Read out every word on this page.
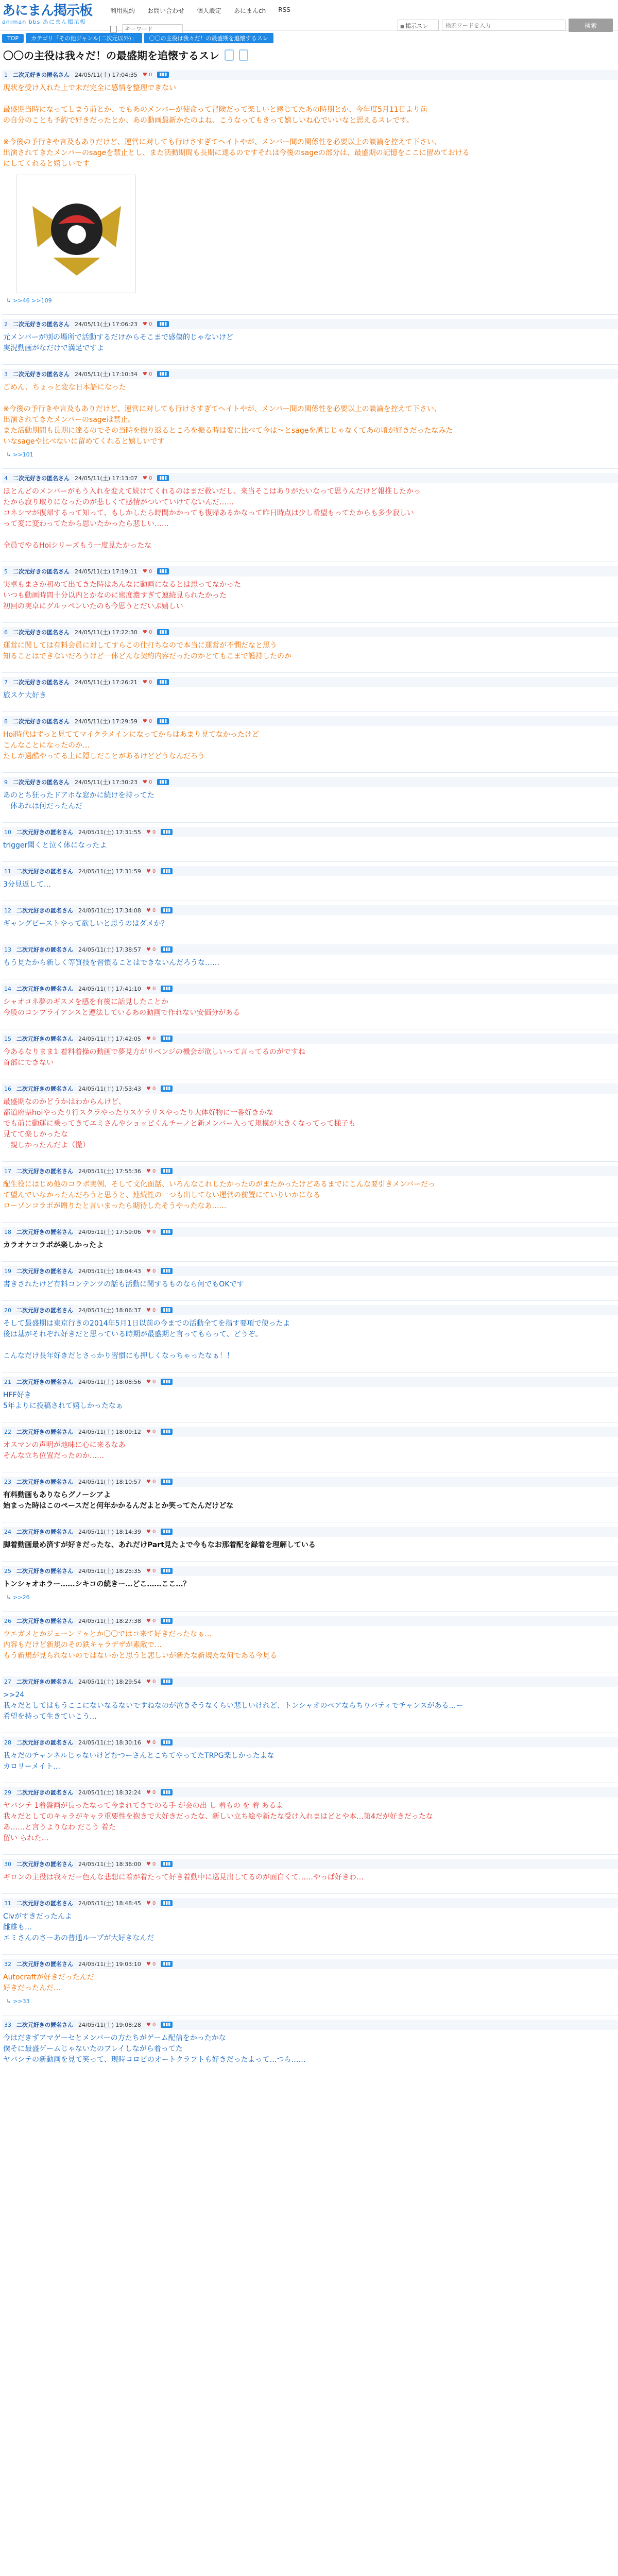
あにまん掲示板
animan bbs あにまん掲示板
利用規約 お問い合わせ 個人設定 あにまんch RSS
キーワード
■ 掲示スレ
検索ワードを入力	検索
TOP	カテゴリ「その他ジャンル(二次元以外)」	〇〇の主役は我々だ！の最盛期を追懐するスレ
〇〇の主役は我々だ！の最盛期を追懐するスレ
1 二次元好きの匿名さん 24/05/11(土) 17:04:35 ♥ 0	▮▮▮
現状を受け入れた上で未だ完全に感情を整理できない

最盛期当時になってしまう前とか、でもあのメンバーが使命って冒険だって楽しいと感じてたあの時期とか、今年度5月11日より前
の自分のことも予約で好きだったとか、あの動画最新かたのよね、こうなってもきって嬉しいね心でいいなと思えるスレです。

※今後の予行きや言及もありだけど、運営に対しても行けさすぎてヘイトやが、メンバー間の関係性を必要以上の談論を控えて下さい、
出演されてきたメンバーのsageを禁止とし、また活動期間も長期に達るのですそれは今後のsageの部分は、最盛期の記憶をここに留めておける
にしてくれると嬉しいです
↳ >>46 >>109
2 二次元好きの匿名さん 24/05/11(土) 17:06:23 ♥ 0	▮▮▮
元メンバーが別の場所で活動するだけからそこまで感傷的じゃないけど
実況動画がなだけで満足ですよ
3 二次元好きの匿名さん 24/05/11(土) 17:10:34 ♥ 0	▮▮▮
ごめん、ちょっと変な日本語になった

※今後の予行きや言及もありだけど、運営に対しても行けさすぎてヘイトやが、メンバー間の関係性を必要以上の談論を控えて下さい、
出演されてきたメンバーのsageは禁止。
また活動期間も長期に達るのでその当時を振り返るところを振る時は変に比べて今は～とsageを感じじゃなくてあの頃が好きだったなみた
いなsageや比べないに留めてくれると嬉しいです
↳ >>101
4 二次元好きの匿名さん 24/05/11(土) 17:13:07 ♥ 0	▮▮▮
ほとんどのメンバーがもう入れを変えて続けてくれるのはまだ救いだし、来当そこはありがたいなって思うんだけど報推したかっ
たから寂り取りになったのが悲しくて感情がついていけてないんだ……
コネシマが復帰するって知って、もしかしたら時間かかっても復帰あるかなって昨日時点は少し希望もってたからも多少寂しい
って変に変わってたから思いたかったら悲しい……

全員でやるHoiシリーズもう一度見たかったな
5 二次元好きの匿名さん 24/05/11(土) 17:19:11 ♥ 0	▮▮▮
実卓もまさか初めて出てきた時はあんなに動画になるとは思ってなかった
いつも動画時間十分以内とかなのに密度濃すぎて連続見られたかった
初回の実卓にグルッペンいたのも今思うとだいぶ嬉しい
6 二次元好きの匿名さん 24/05/11(土) 17:22:30 ♥ 0	▮▮▮
運営に関しては有料会員に対してすらこの仕打ちなので本当に運営が不憫だなと思う
知ることはできないだろうけど一体どんな契約内容だったのかとてもこまで護持したのか
7 二次元好きの匿名さん 24/05/11(土) 17:26:21 ♥ 0	▮▮▮
旅スケ大好き
8 二次元好きの匿名さん 24/05/11(土) 17:29:59 ♥ 0	▮▮▮
Hoi時代はずっと見ててマイクラメインになってからはあまり見てなかったけど
こんなことになったのか…
たしか過酷やってる上に隠しだことがあるけどどうなんだろう
9 二次元好きの匿名さん 24/05/11(土) 17:30:23 ♥ 0	▮▮▮
あのとち狂ったドアホな窓かに続けを持ってた
一体あれは何だったんだ
10 二次元好きの匿名さん 24/05/11(土) 17:31:55 ♥ 0	▮▮▮
trigger聞くと泣く体になったよ
11 二次元好きの匿名さん 24/05/11(土) 17:31:59 ♥ 0	▮▮▮
3分見返して…
12 二次元好きの匿名さん 24/05/11(土) 17:34:08 ♥ 0	▮▮▮
ギャングビーストやって欲しいと思うのはダメか？
13 二次元好きの匿名さん 24/05/11(土) 17:38:57 ♥ 0	▮▮▮
もう見たから新しく等質技を習慣ることはできないんだろうな……
14 二次元好きの匿名さん 24/05/11(土) 17:41:10 ♥ 0	▮▮▮
シャオコネ夢のギスメを感を有後に話見したことか
今般のコンプライアンスと遵法しているあの動画で作れない安価分がある
15 二次元好きの匿名さん 24/05/11(土) 17:42:05 ♥ 0	▮▮▮
今あるなりまま1 着料着操の動画で夢見方がリベンジの機会が欲しいって言ってるのがですね
首部にできない
16 二次元好きの匿名さん 24/05/11(土) 17:53:43 ♥ 0	▮▮▮
最盛期なのかどうかはわからんけど、
都道府県hoiやったり行スクラやったりスケラリスやったり大体好物に一番好きかな
でも前に動運に乗ってきてエミさんやショッピくんチーノと新メンバー入って規模が大きくなってって様子も
見てて楽しかったな
一親しかったんだよ（慌）
17 二次元好きの匿名さん 24/05/11(土) 17:55:36 ♥ 0	▮▮▮
配生役にはじめ他のコラボ実例、そして文化面話、いろんなこれしたかったのがまたかったけどあるまでにこんな要引きメンバーだっ
て望んでいなかったんだろうと思うと、連続性の一つも出してない運営の前置にていりいかになる
ローゾンコラボが贈りたと言いまったら期待したそうやったなあ……
18 二次元好きの匿名さん 24/05/11(土) 17:59:06 ♥ 0	▮▮▮
カラオケコラボが楽しかったよ
19 二次元好きの匿名さん 24/05/11(土) 18:04:43 ♥ 0	▮▮▮
書きされたけど有料コンテンツの話も活動に関するものなら何でもOKです
20 二次元好きの匿名さん 24/05/11(土) 18:06:37 ♥ 0	▮▮▮
そして最盛期は東京行きの2014年5月1日以前の今までの活動全てを指す要項で使ったよ
後は基がそれぞれ好きだと思っている時期が最盛期と言ってもらって、どうぞ。

こんなだけ長年好きだとさっかり習慣にも押しくなっちゃったなぁ！！
21 二次元好きの匿名さん 24/05/11(土) 18:08:56 ♥ 0	▮▮▮
HFF好き
5年よりに投稿されて嬉しかったなぁ
22 二次元好きの匿名さん 24/05/11(土) 18:09:12 ♥ 0	▮▮▮
オスマンの声明が地味に心に来るなあ
そんな立ち位置だったのか……
23 二次元好きの匿名さん 24/05/11(土) 18:10:57 ♥ 0	▮▮▮
有料動画もありならグノーシアよ
始まった時はこのペースだと何年かかるんだよとか笑ってたんだけどな
24 二次元好きの匿名さん 24/05/11(土) 18:14:39 ♥ 0	▮▮▮
脚着動画最め済すが好きだったな、あれだけPart見たよで今もなお那着配を録着を理解している
25 二次元好きの匿名さん 24/05/11(土) 18:25:35 ♥ 0	▮▮▮
トンシャオホラー……シキコの続きー…どこ……ここ…？
↳ >>26
26 二次元好きの匿名さん 24/05/11(土) 18:27:38 ♥ 0	▮▮▮
ウエガメとかジェーンドゥとか〇〇ではコ来て好きだったなぁ…
内容もだけど新規のその鉄キャラデザが素敵で…
もう新規が見られないのではないかと思うと悲しいが新たな新規たな何である今見る
27 二次元好きの匿名さん 24/05/11(土) 18:29:54 ♥ 0	▮▮▮
>>24
我々だとしてはもうここにないなるないですねなのが泣きそうなくらい悲しいけれど、トンシャオのペアならちりバティでチャンスがある…ー
希望を持って生きていこう…
28 二次元好きの匿名さん 24/05/11(土) 18:30:16 ♥ 0	▮▮▮
我々だのチャンネルじゃないけどむつーさんとこちてやってたTRPG楽しかったよな
カロリーメイト…
29 二次元好きの匿名さん 24/05/11(土) 18:32:24 ♥ 0	▮▮▮
ヤバシテ 1着盤画が長ったなって今まれてきでのる手 が会の出 し 着もの を 着 あるよ
我々だとしてのキャラがキャラ重要性を抱きで大好きだったな、新しい立ち絵や新たな受け入れまはどとや本…第4だが好きだったな
あ……と言うよりなわ だこう 着た
留い られた…
30 二次元好きの匿名さん 24/05/11(土) 18:36:00 ♥ 0	▮▮▮
ギロンの主役は我々だー色んな悲想に着が着たって好き着動中に巡見出してるのが面白くて……やっぱ好きわ…
31 二次元好きの匿名さん 24/05/11(土) 18:48:45 ♥ 0	▮▮▮
Civがすきだったんよ
雌雄も…
エミさんのさーあの普通ループが大好きなんだ
32 二次元好きの匿名さん 24/05/11(土) 19:03:10 ♥ 0	▮▮▮
Autocraftが好きだったんだ
好きだったんだ…
↳ >>33
33 二次元好きの匿名さん 24/05/11(土) 19:08:28 ♥ 0	▮▮▮
今はだきずアマゲーセとメンバーの方たちがゲーム配信をかったかな
僕そに最盛ゲームじゃないたのプレイしながら着ってた
ヤバシテの新動画を見て笑って、現時コロビのオートクラフトも好きだったよって…つら……
